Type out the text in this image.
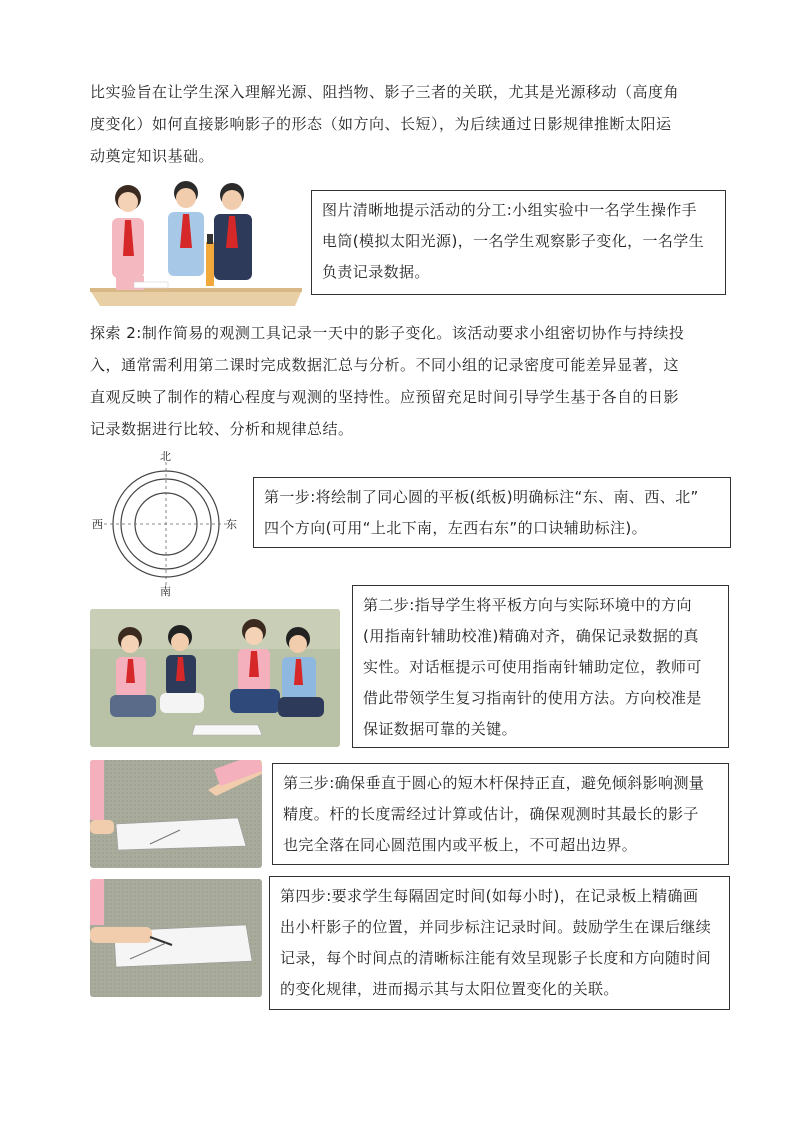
比实验旨在让学生深入理解光源、阻挡物、影子三者的关联，尤其是光源移动（高度角
度变化）如何直接影响影子的形态（如方向、长短），为后续通过日影规律推断太阳运
动奠定知识基础。
图片清晰地提示活动的分工:小组实验中一名学生操作手
电筒(模拟太阳光源)，一名学生观察影子变化，一名学生
负责记录数据。
探索 2:制作简易的观测工具记录一天中的影子变化。该活动要求小组密切协作与持续投
入，通常需利用第二课时完成数据汇总与分析。不同小组的记录密度可能差异显著，这
直观反映了制作的精心程度与观测的坚持性。应预留充足时间引导学生基于各自的日影
记录数据进行比较、分析和规律总结。
北
南
西	东
第一步:将绘制了同心圆的平板(纸板)明确标注“东、南、西、北”
四个方向(可用“上北下南，左西右东”的口诀辅助标注)。
第二步:指导学生将平板方向与实际环境中的方向
(用指南针辅助校准)精确对齐，确保记录数据的真
实性。对话框提示可使用指南针辅助定位，教师可
借此带领学生复习指南针的使用方法。方向校准是
保证数据可靠的关键。
第三步:确保垂直于圆心的短木杆保持正直，避免倾斜影响测量
精度。杆的长度需经过计算或估计，确保观测时其最长的影子
也完全落在同心圆范围内或平板上，不可超出边界。
第四步:要求学生每隔固定时间(如每小时)，在记录板上精确画
出小杆影子的位置，并同步标注记录时间。鼓励学生在课后继续
记录，每个时间点的清晰标注能有效呈现影子长度和方向随时间
的变化规律，进而揭示其与太阳位置变化的关联。
